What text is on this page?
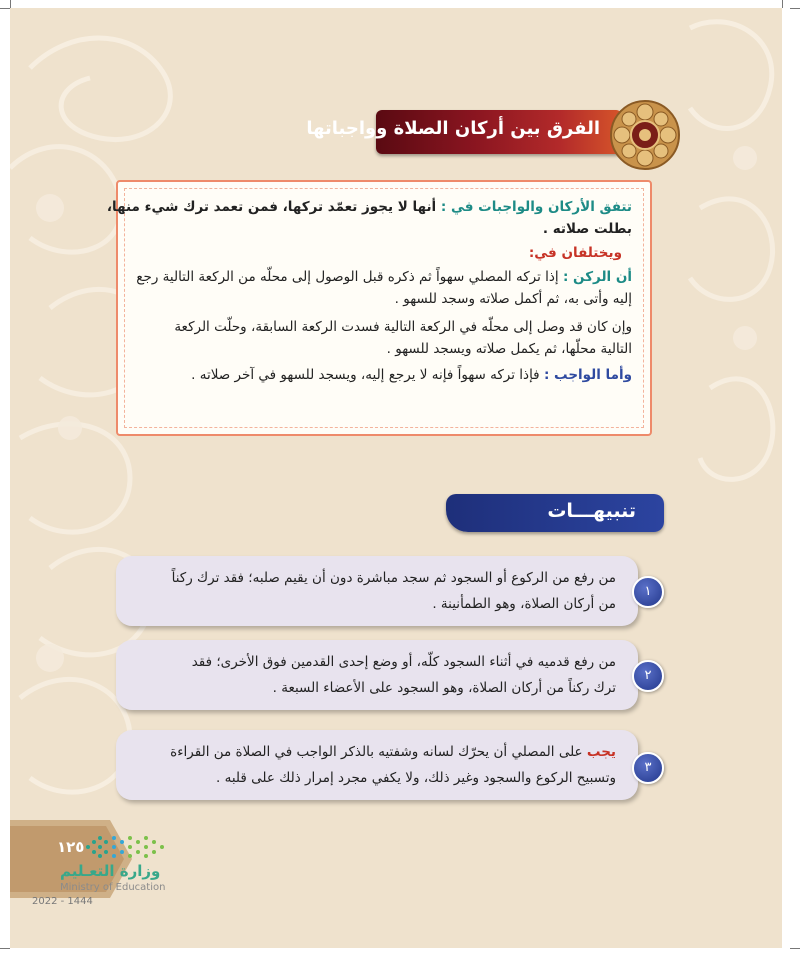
الفرق بين أركان الصلاة وواجباتها
تتفق الأركان والواجبات في : أنها لا يجوز تعمّد تركها، فمن تعمد ترك شيء منها،
بطلت صلاته .
ويختلفان في:
أن الركن : إذا تركه المصلي سهواً ثم ذكره قبل الوصول إلى محلّه من الركعة التالية رجع
إليه وأتى به، ثم أكمل صلاته وسجد للسهو .
وإن كان قد وصل إلى محلّه في الركعة التالية فسدت الركعة السابقة، وحلّت الركعة
التالية محلّها، ثم يكمل صلاته ويسجد للسهو .
وأما الواجب : فإذا تركه سهواً فإنه لا يرجع إليه، ويسجد للسهو في آخر صلاته .
تنبيهـــات
من رفع من الركوع أو السجود ثم سجد مباشرة دون أن يقيم صلبه؛ فقد ترك ركناً
من أركان الصلاة، وهو الطمأنينة .
١
من رفع قدميه في أثناء السجود كلّه، أو وضع إحدى القدمين فوق الأخرى؛ فقد
ترك ركناً من أركان الصلاة، وهو السجود على الأعضاء السبعة .
٢
يجب على المصلي أن يحرّك لسانه وشفتيه بالذكر الواجب في الصلاة من القراءة
وتسبيح الركوع والسجود وغير ذلك، ولا يكفي مجرد إمرار ذلك على قلبه .
٣
١٢٥
وزارة التعـليم
Ministry of Education
2022 - 1444
